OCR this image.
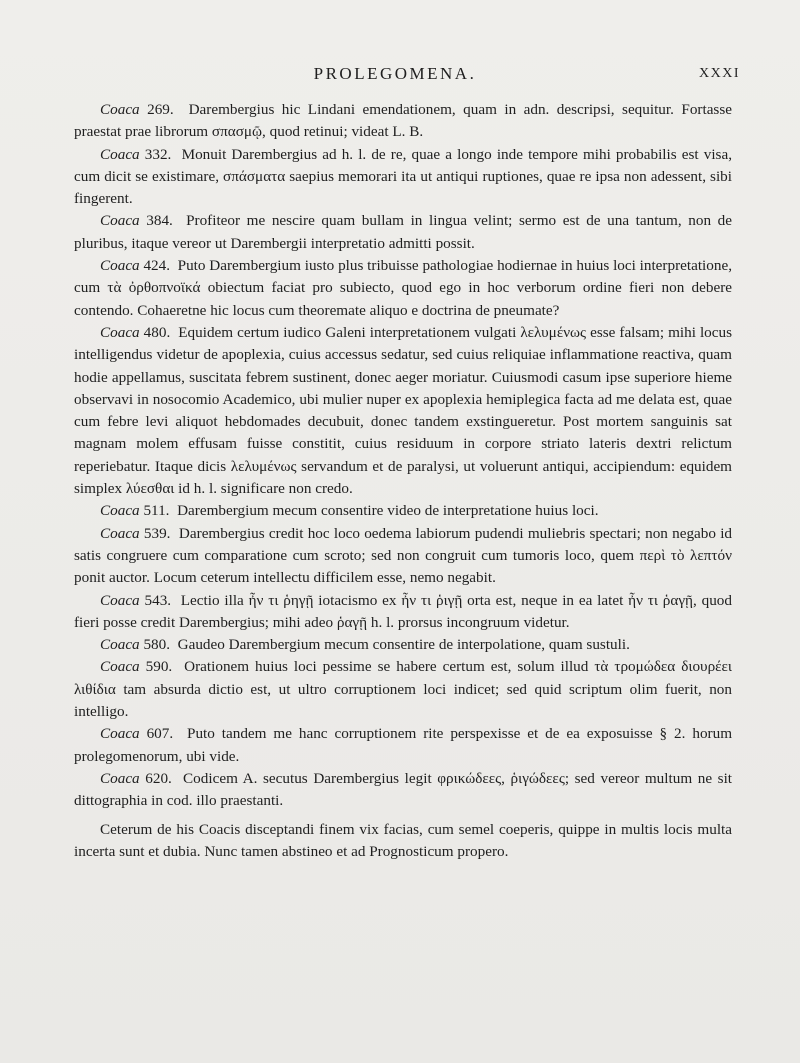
PROLEGOMENA.	XXXI

Coaca 269. Darembergius hic Lindani emendationem, quam in adn. descripsi, sequitur. Fortasse praestat prae librorum σπασμῷ, quod retinui; videat L. B.

Coaca 332. Monuit Darembergius ad h. l. de re, quae a longo inde tempore mihi probabilis est visa, cum dicit se existimare, σπάσματα saepius memorari ita ut antiqui ruptiones, quae re ipsa non adessent, sibi fingerent.

Coaca 384. Profiteor me nescire quam bullam in lingua velint; sermo est de una tantum, non de pluribus, itaque vereor ut Darembergii interpretatio admitti possit.

Coaca 424. Puto Darembergium iusto plus tribuisse pathologiae hodiernae in huius loci interpretatione, cum τὰ ὀρθοπνοϊκά obiectum faciat pro subiecto, quod ego in hoc verborum ordine fieri non debere contendo. Cohaeretne hic locus cum theoremate aliquo e doctrina de pneumate?

Coaca 480. Equidem certum iudico Galeni interpretationem vulgati λελυμένως esse falsam; mihi locus intelligendus videtur de apoplexia, cuius accessus sedatur, sed cuius reliquiae inflammatione reactiva, quam hodie appellamus, suscitata febrem sustinent, donec aeger moriatur. Cuiusmodi casum ipse superiore hieme observavi in nosocomio Academico, ubi mulier nuper ex apoplexia hemiplegica facta ad me delata est, quae cum febre levi aliquot hebdomades decubuit, donec tandem exstingueretur. Post mortem sanguinis sat magnam molem effusam fuisse constitit, cuius residuum in corpore striato lateris dextri relictum reperiebatur. Itaque dicis λελυμένως servandum et de paralysi, ut voluerunt antiqui, accipiendum: equidem simplex λύεσθαι id h. l. significare non credo.

Coaca 511. Darembergium mecum consentire video de interpretatione huius loci.

Coaca 539. Darembergius credit hoc loco oedema labiorum pudendi muliebris spectari; non negabo id satis congruere cum comparatione cum scroto; sed non congruit cum tumoris loco, quem περὶ τὸ λεπτόν ponit auctor. Locum ceterum intellectu difficilem esse, nemo negabit.

Coaca 543. Lectio illa ἦν τι ῥηγῇ iotacismo ex ἦν τι ῥιγῇ orta est, neque in ea latet ἦν τι ῥαγῇ, quod fieri posse credit Darembergius; mihi adeo ῥαγῇ h. l. prorsus incongruum videtur.

Coaca 580. Gaudeo Darembergium mecum consentire de interpolatione, quam sustuli.

Coaca 590. Orationem huius loci pessime se habere certum est, solum illud τὰ τρομώδεα διουρέει λιθίδια tam absurda dictio est, ut ultro corruptionem loci indicet; sed quid scriptum olim fuerit, non intelligo.

Coaca 607. Puto tandem me hanc corruptionem rite perspexisse et de ea exposuisse § 2. horum prolegomenorum, ubi vide.

Coaca 620. Codicem A. secutus Darembergius legit φρικώδεες, ῥιγώδεες; sed vereor multum ne sit dittographia in cod. illo praestanti.

Ceterum de his Coacis disceptandi finem vix facias, cum semel coeperis, quippe in multis locis multa incerta sunt et dubia. Nunc tamen abstineo et ad Prognosticum propero.
